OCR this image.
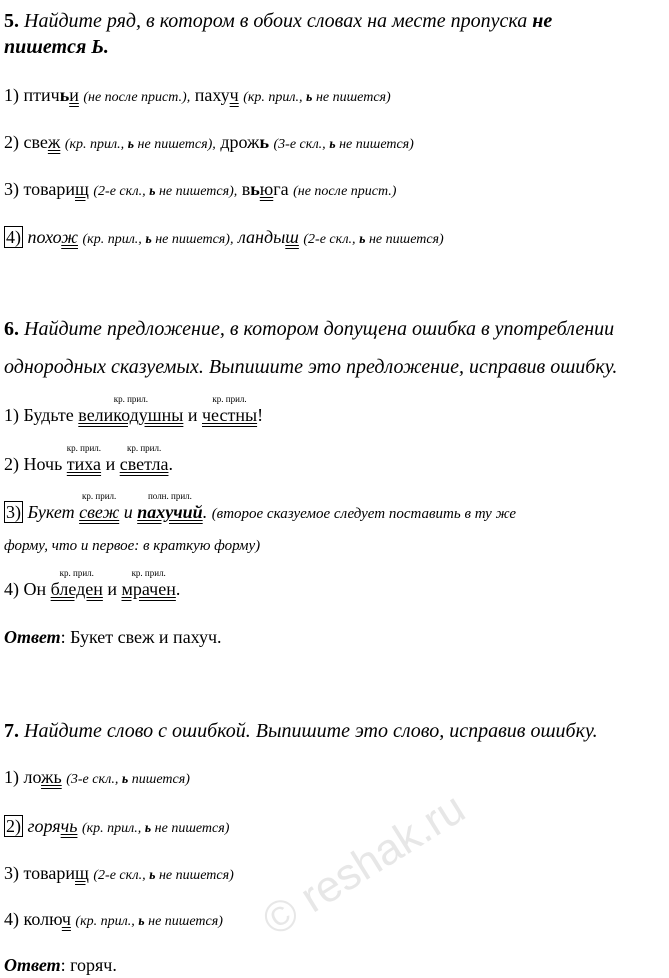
5. Найдите ряд, в котором в обоих словах на месте пропуска не
пишется Ь.
1) птичьи (не после прист.), пахуч (кр. прил., ь не пишется)
2) свеж (кр. прил., ь не пишется), дрожь (3-е скл., ь не пишется)
3) товарищ (2-е скл., ь не пишется), вьюга (не после прист.)
4) похож (кр. прил., ь не пишется), ландыш (2-е скл., ь не пишется)
6. Найдите предложение, в котором допущена ошибка в употреблении
однородных сказуемых. Выпишите это предложение, исправив ошибку.
1) Будьте
кр. прил.
великодушны и
кр. прил.
честны!
2) Ночь
кр. прил.
тиха и
кр. прил.
светла.
3) Букет
кр. прил.
свеж и
полн. прил.
пахучий. (второе сказуемое следует поставить в ту же
форму, что и первое: в краткую форму)
4) Он
кр. прил.
бледен и
кр. прил.
мрачен.
Ответ: Букет свеж и пахуч.
7. Найдите слово с ошибкой. Выпишите это слово, исправив ошибку.
1) ложь (3-е скл., ь пишется)
2) горячь (кр. прил., ь не пишется)
3) товарищ (2-е скл., ь не пишется)
4) колюч (кр. прил., ь не пишется)
Ответ: горяч.
© reshak.ru
